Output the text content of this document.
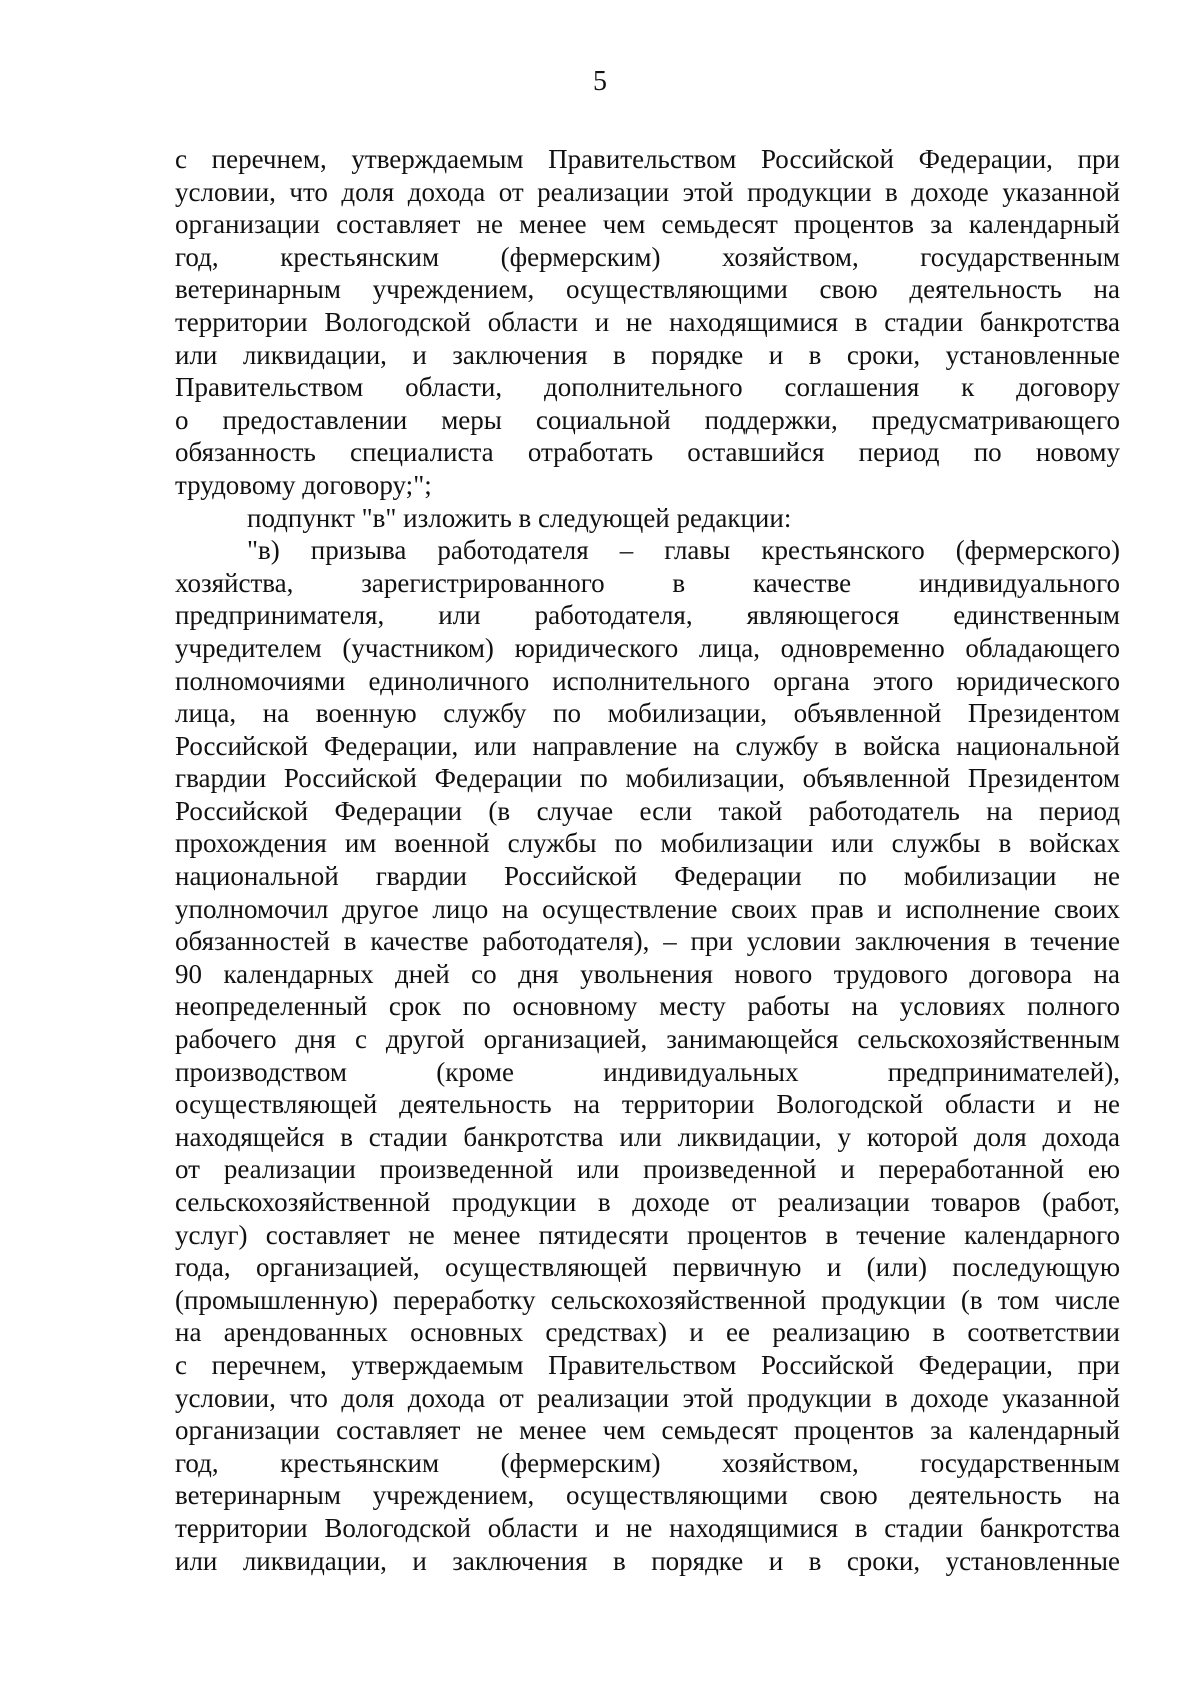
5
с перечнем, утверждаемым Правительством Российской Федерации, при
условии, что доля дохода от реализации этой продукции в доходе указанной
организации составляет не менее чем семьдесят процентов за календарный
год, крестьянским (фермерским) хозяйством, государственным
ветеринарным учреждением, осуществляющими свою деятельность на
территории Вологодской области и не находящимися в стадии банкротства
или ликвидации, и заключения в порядке и в сроки, установленные
Правительством области, дополнительного соглашения к договору
о предоставлении меры социальной поддержки, предусматривающего
обязанность специалиста отработать оставшийся период по новому
трудовому договору;";
подпункт "в" изложить в следующей редакции:
"в) призыва работодателя – главы крестьянского (фермерского)
хозяйства, зарегистрированного в качестве индивидуального
предпринимателя, или работодателя, являющегося единственным
учредителем (участником) юридического лица, одновременно обладающего
полномочиями единоличного исполнительного органа этого юридического
лица, на военную службу по мобилизации, объявленной Президентом
Российской Федерации, или направление на службу в войска национальной
гвардии Российской Федерации по мобилизации, объявленной Президентом
Российской Федерации (в случае если такой работодатель на период
прохождения им военной службы по мобилизации или службы в войсках
национальной гвардии Российской Федерации по мобилизации не
уполномочил другое лицо на осуществление своих прав и исполнение своих
обязанностей в качестве работодателя), – при условии заключения в течение
90 календарных дней со дня увольнения нового трудового договора на
неопределенный срок по основному месту работы на условиях полного
рабочего дня с другой организацией, занимающейся сельскохозяйственным
производством (кроме индивидуальных предпринимателей),
осуществляющей деятельность на территории Вологодской области и не
находящейся в стадии банкротства или ликвидации, у которой доля дохода
от реализации произведенной или произведенной и переработанной ею
сельскохозяйственной продукции в доходе от реализации товаров (работ,
услуг) составляет не менее пятидесяти процентов в течение календарного
года, организацией, осуществляющей первичную и (или) последующую
(промышленную) переработку сельскохозяйственной продукции (в том числе
на арендованных основных средствах) и ее реализацию в соответствии
с перечнем, утверждаемым Правительством Российской Федерации, при
условии, что доля дохода от реализации этой продукции в доходе указанной
организации составляет не менее чем семьдесят процентов за календарный
год, крестьянским (фермерским) хозяйством, государственным
ветеринарным учреждением, осуществляющими свою деятельность на
территории Вологодской области и не находящимися в стадии банкротства
или ликвидации, и заключения в порядке и в сроки, установленные
